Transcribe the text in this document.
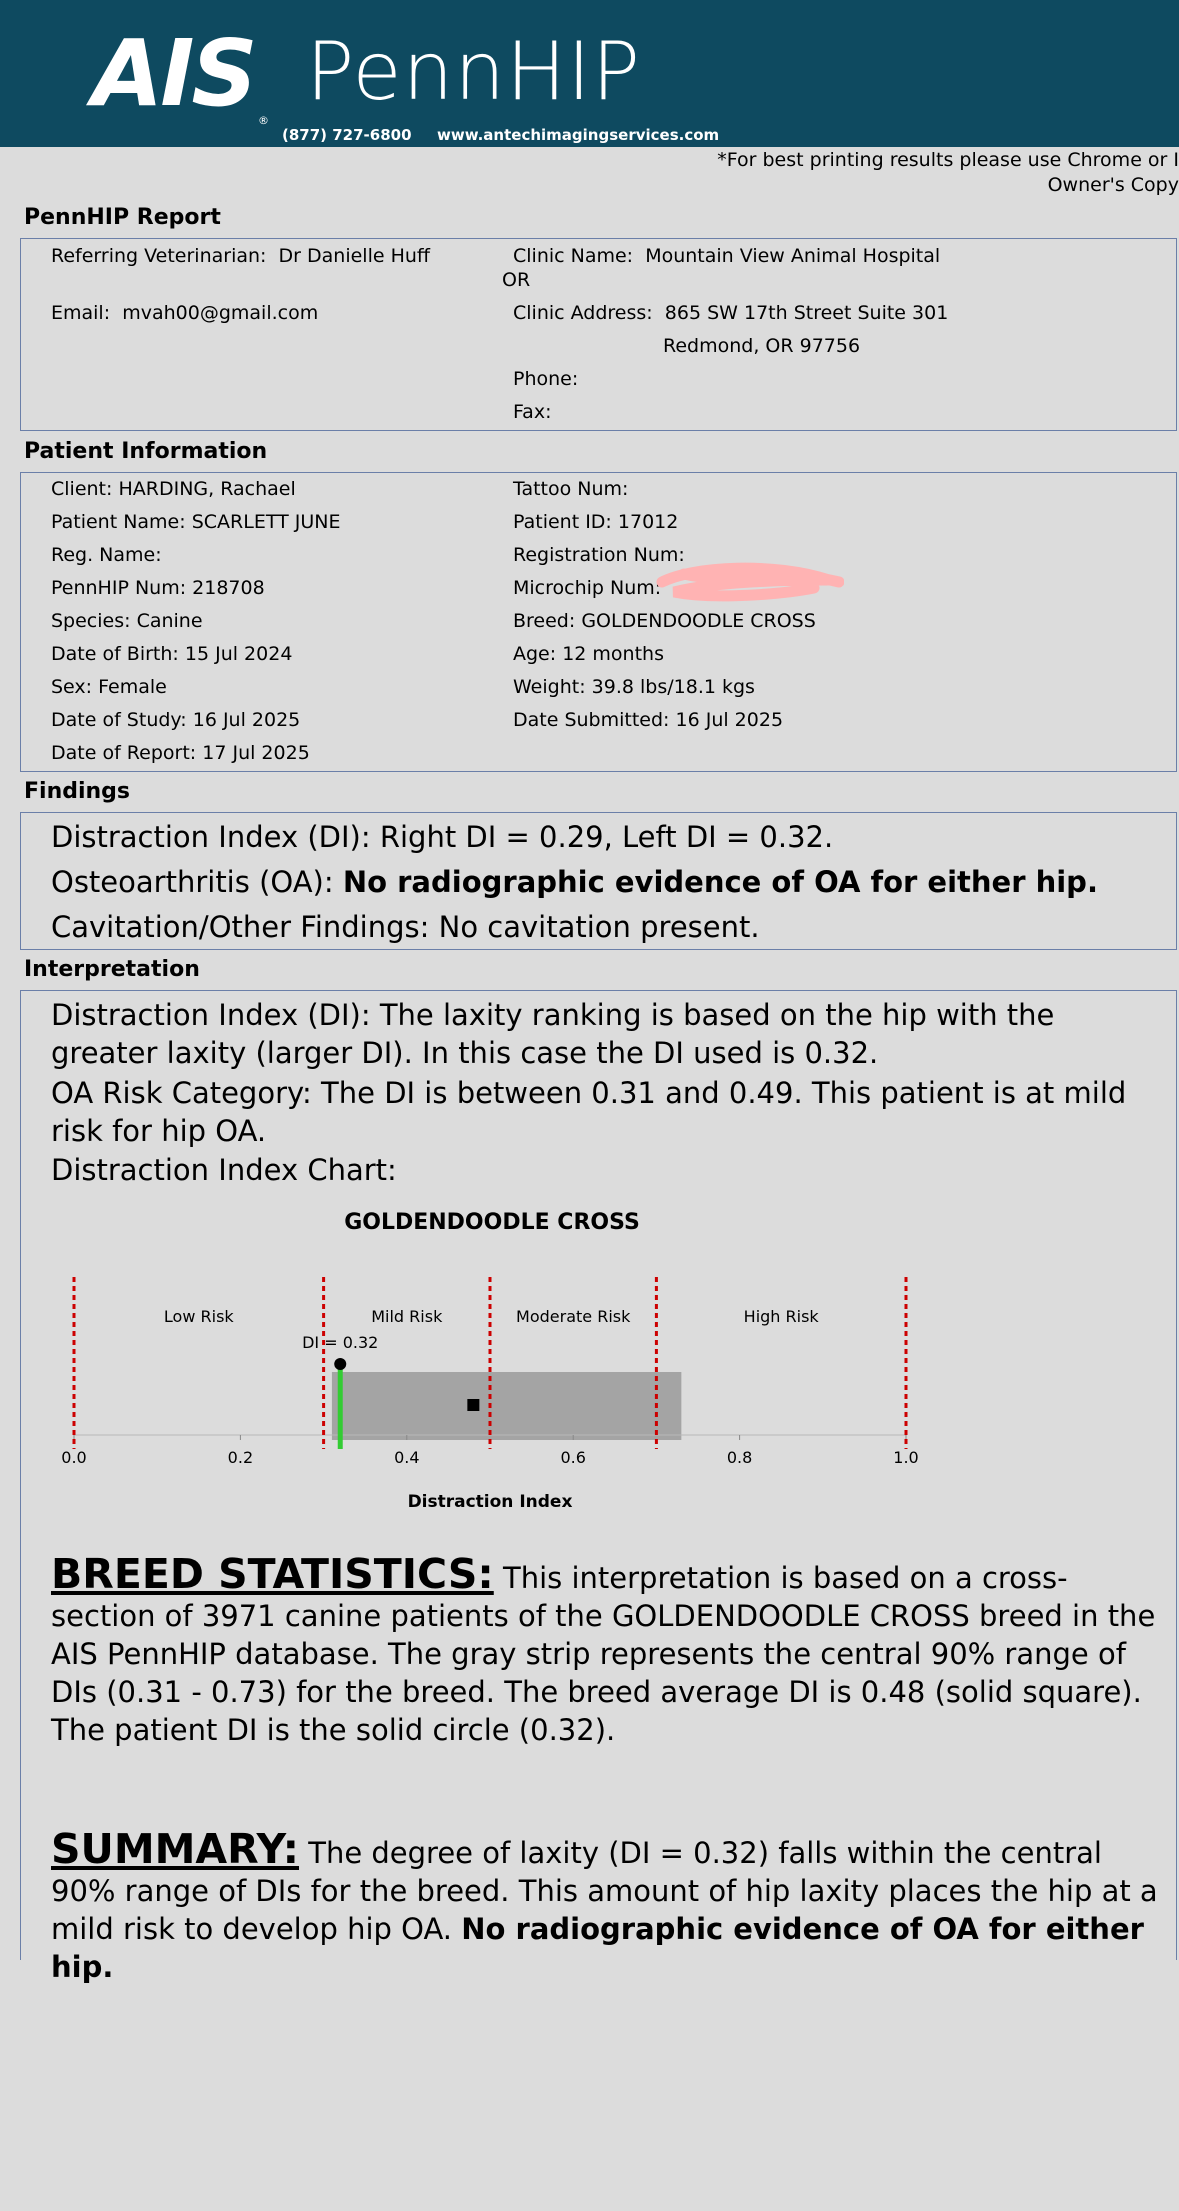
AIS ®
PennHIP
(877) 727-6800 www.antechimagingservices.com
*For best printing results please use Chrome or I
Owner's Copy
PennHIP Report
Referring Veterinarian: Dr Danielle Huff	Clinic Name: Mountain View Animal Hospital
OR
Email: mvah00@gmail.com	Clinic Address: 865 SW 17th Street Suite 301
Redmond, OR 97756
Phone:
Fax:
Patient Information
Client: HARDING, Rachael	Tattoo Num:
Patient Name: SCARLETT JUNE	Patient ID: 17012
Reg. Name:	Registration Num:
PennHIP Num: 218708	Microchip Num:
Species: Canine	Breed: GOLDENDOODLE CROSS
Date of Birth: 15 Jul 2024	Age: 12 months
Sex: Female	Weight: 39.8 lbs/18.1 kgs
Date of Study: 16 Jul 2025	Date Submitted: 16 Jul 2025
Date of Report: 17 Jul 2025
Findings
Distraction Index (DI): Right DI = 0.29, Left DI = 0.32.
Osteoarthritis (OA): No radiographic evidence of OA for either hip.
Cavitation/Other Findings: No cavitation present.
Interpretation
Distraction Index (DI): The laxity ranking is based on the hip with the greater laxity (larger DI). In this case the DI used is 0.32.
OA Risk Category: The DI is between 0.31 and 0.49. This patient is at mild risk for hip OA.
Distraction Index Chart:
GOLDENDOODLE CROSS
0.0	0.2	0.4	0.6	0.8	1.0
Low Risk	Mild Risk	Moderate Risk	High Risk
DI = 0.32
Distraction Index
BREED STATISTICS: This interpretation is based on a cross-section of 3971 canine patients of the GOLDENDOODLE CROSS breed in the AIS PennHIP database. The gray strip represents the central 90% range of DIs (0.31 - 0.73) for the breed. The breed average DI is 0.48 (solid square). The patient DI is the solid circle (0.32).
SUMMARY: The degree of laxity (DI = 0.32) falls within the central 90% range of DIs for the breed. This amount of hip laxity places the hip at a mild risk to develop hip OA. No radiographic evidence of OA for either hip.
